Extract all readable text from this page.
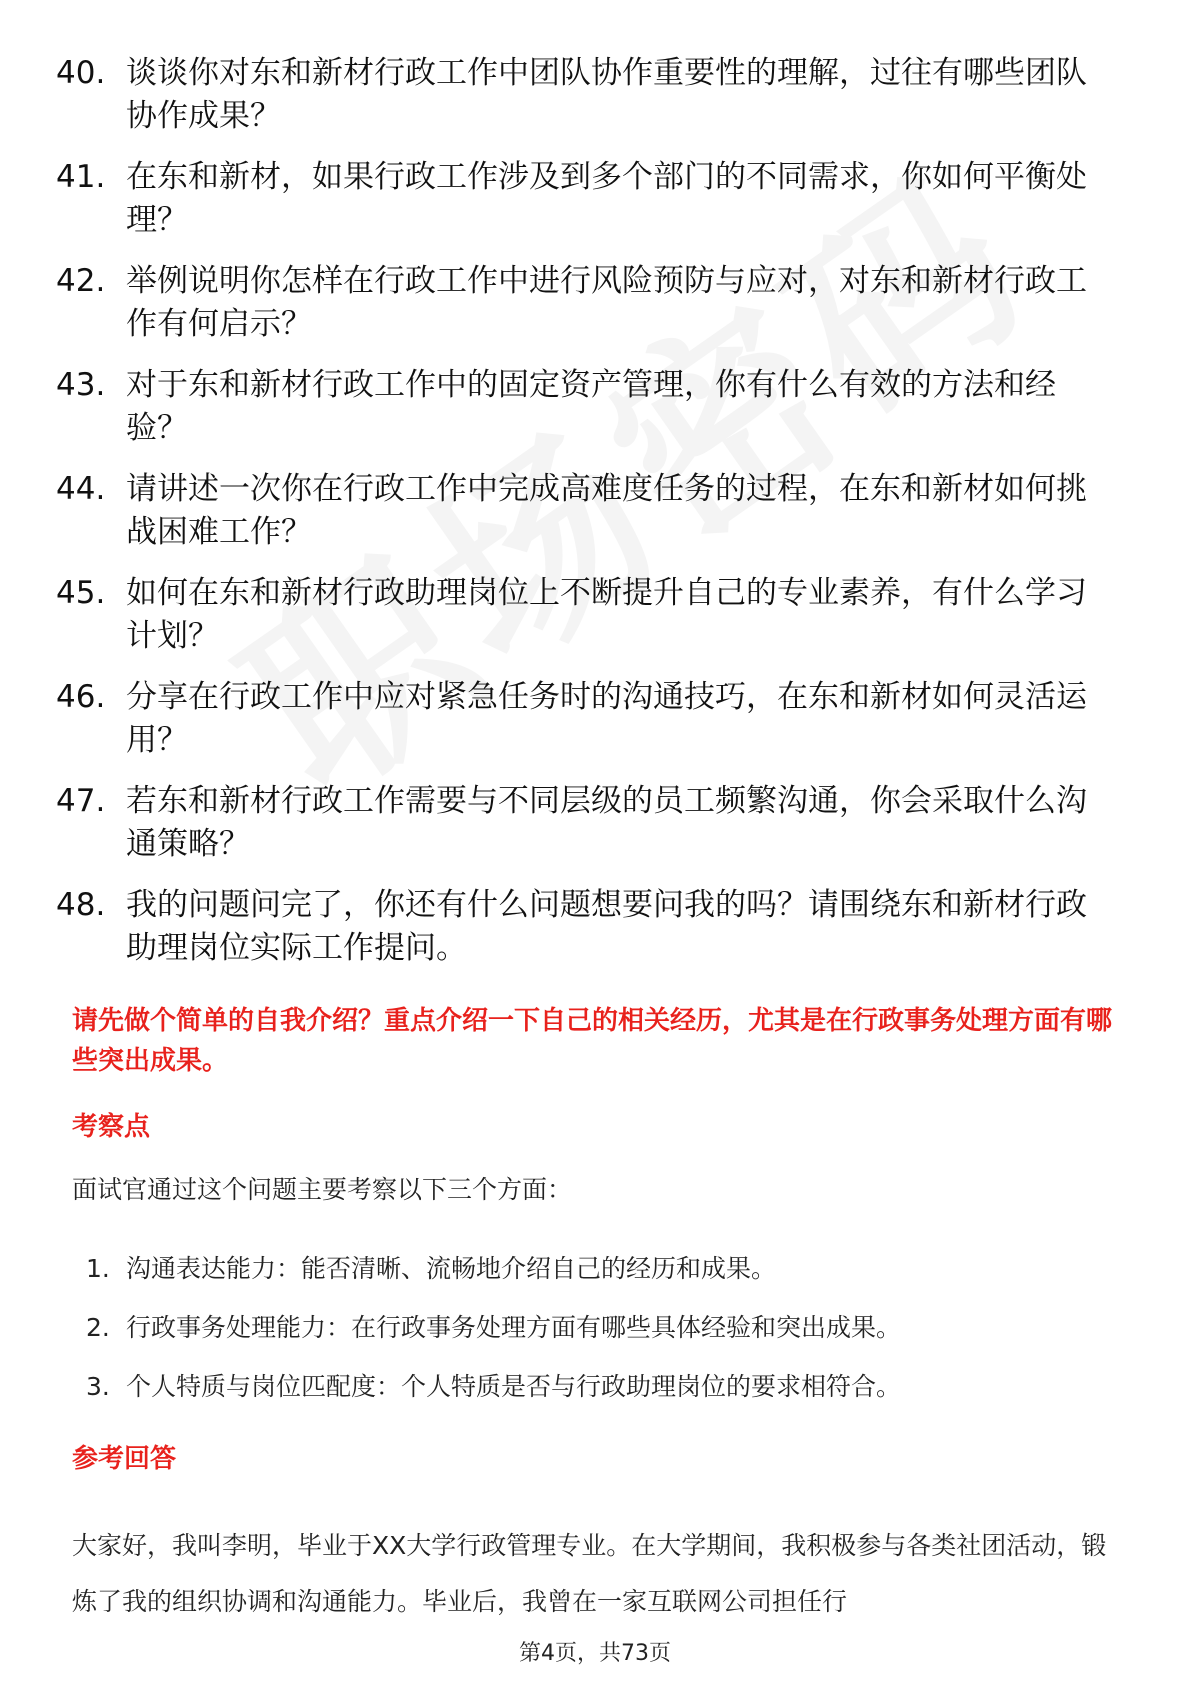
40. 谈谈你对东和新材行政工作中团队协作重要性的理解，过往有哪些团队协作成果？
41. 在东和新材，如果行政工作涉及到多个部门的不同需求，你如何平衡处理？
42. 举例说明你怎样在行政工作中进行风险预防与应对，对东和新材行政工作有何启示？
43. 对于东和新材行政工作中的固定资产管理，你有什么有效的方法和经验？
44. 请讲述一次你在行政工作中完成高难度任务的过程，在东和新材如何挑战困难工作？
45. 如何在东和新材行政助理岗位上不断提升自己的专业素养，有什么学习计划？
46. 分享在行政工作中应对紧急任务时的沟通技巧，在东和新材如何灵活运用？
47. 若东和新材行政工作需要与不同层级的员工频繁沟通，你会采取什么沟通策略？
48. 我的问题问完了，你还有什么问题想要问我的吗？请围绕东和新材行政助理岗位实际工作提问。
请先做个简单的自我介绍？重点介绍一下自己的相关经历，尤其是在行政事务处理方面有哪些突出成果。
考察点
面试官通过这个问题主要考察以下三个方面：
1. 沟通表达能力：能否清晰、流畅地介绍自己的经历和成果。
2. 行政事务处理能力：在行政事务处理方面有哪些具体经验和突出成果。
3. 个人特质与岗位匹配度：个人特质是否与行政助理岗位的要求相符合。
参考回答
大家好，我叫李明，毕业于XX大学行政管理专业。在大学期间，我积极参与各类社团活动，锻炼了我的组织协调和沟通能力。毕业后，我曾在一家互联网公司担任行
第4页，共73页
